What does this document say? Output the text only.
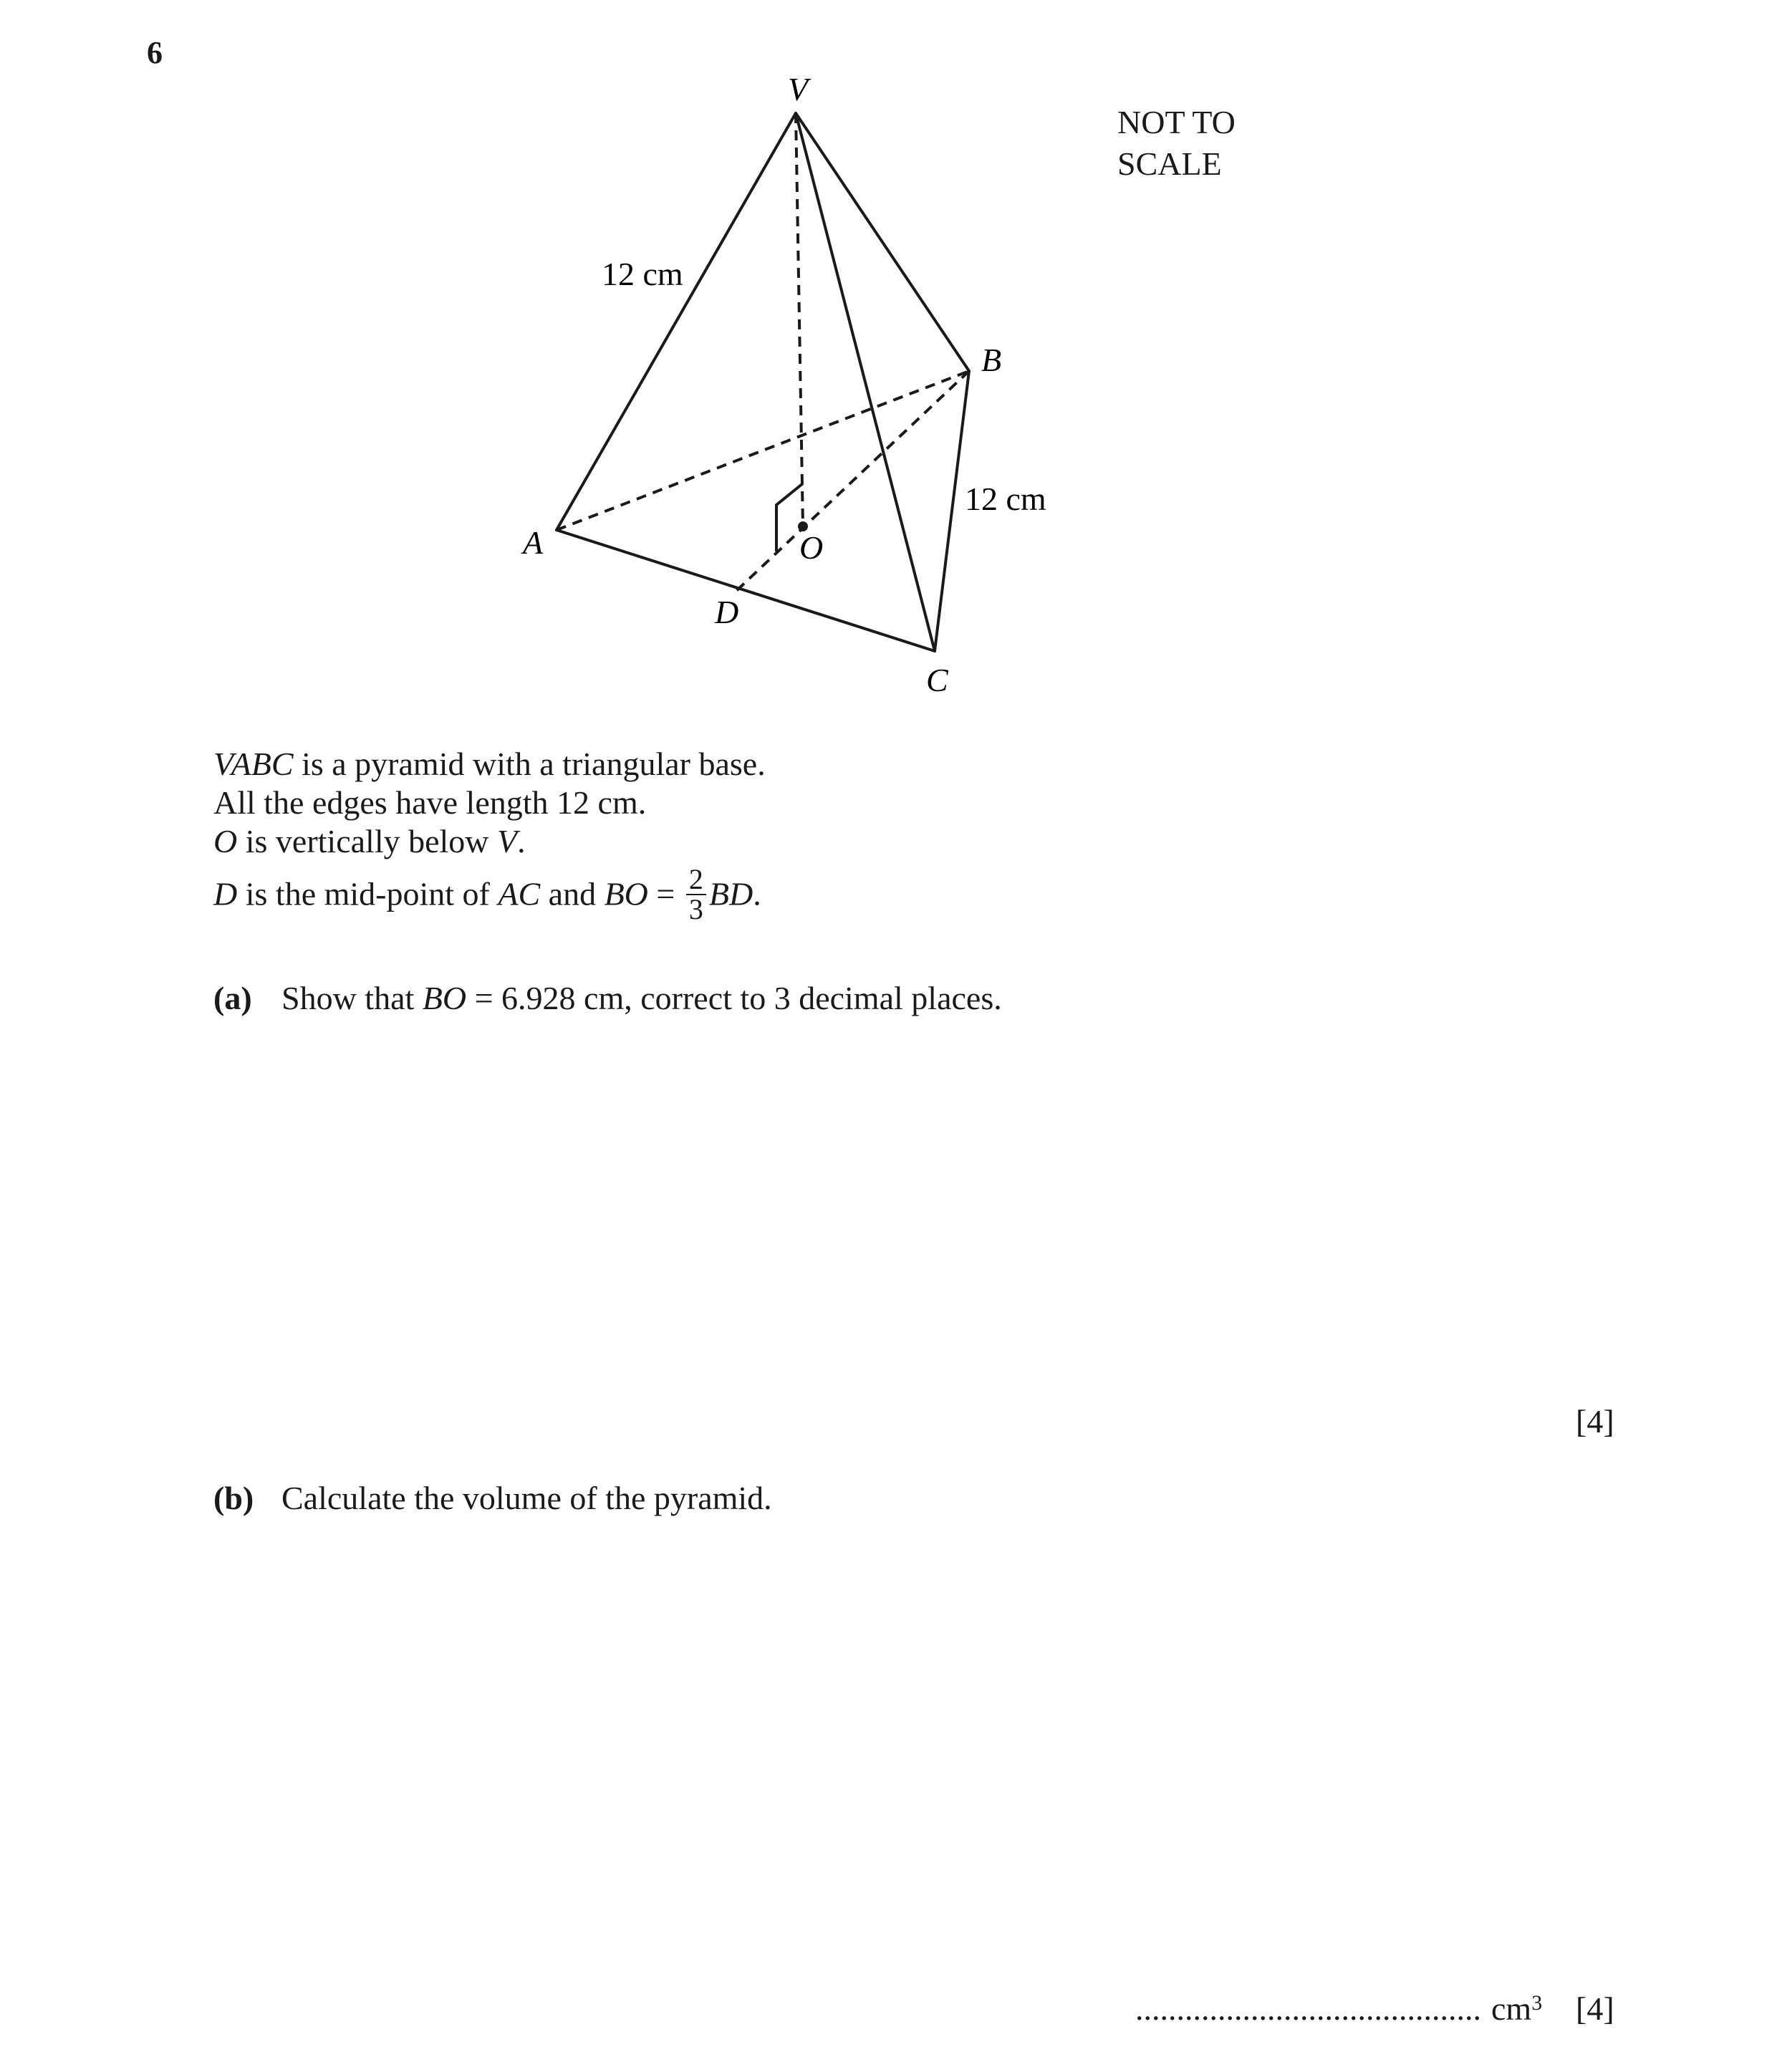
6
V
B
A	O
D
C
12 cm
12 cm
NOT TO
SCALE
VABC is a pyramid with a triangular base.
All the edges have length 12 cm.
O is vertically below V.
D is the mid-point of AC and BO = $\frac{2}{3}$ BD.
(a) Show that BO = 6.928 cm, correct to 3 decimal places.
[4]
(b) Calculate the volume of the pyramid.
.......................................... $cm^3$ [4]
